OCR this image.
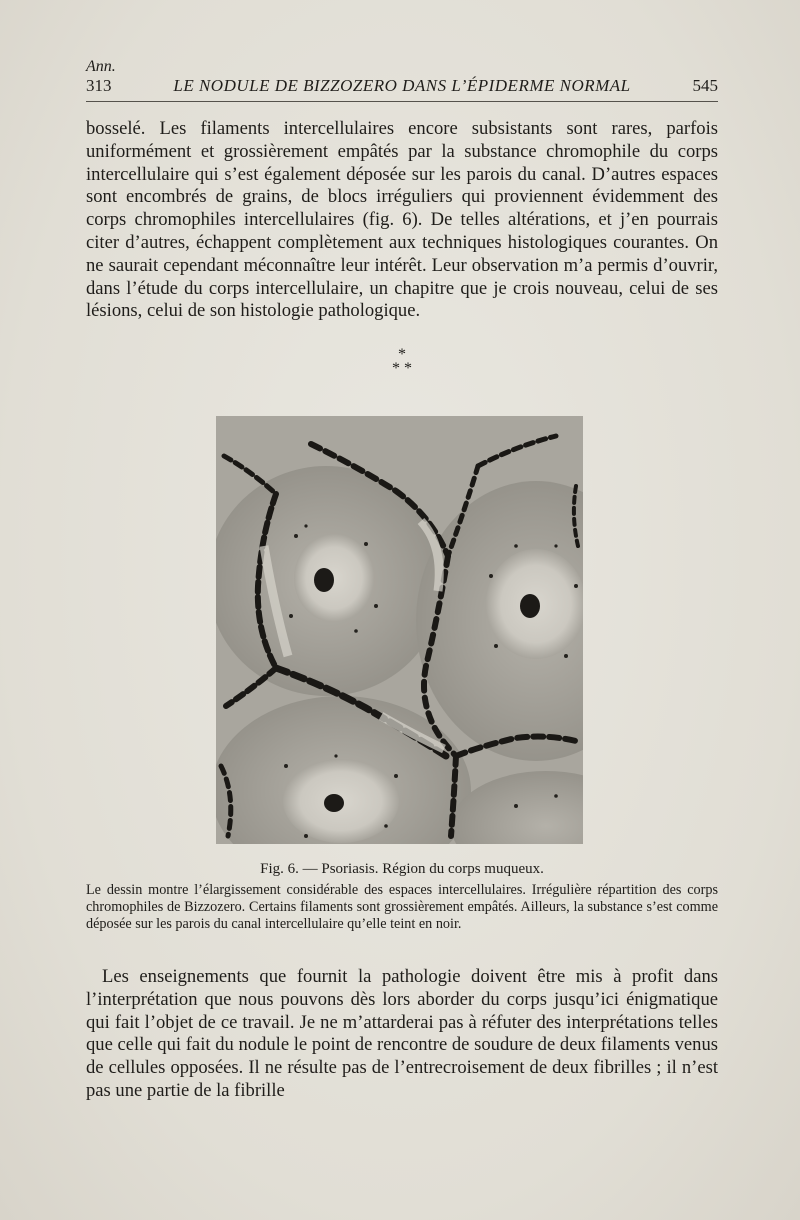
Ann.
313	LE NODULE DE BIZZOZERO DANS L’ÉPIDERME NORMAL	545

bosselé. Les filaments intercellulaires encore subsistants sont rares, parfois uniformément et grossièrement empâtés par la substance chromophile du corps intercellulaire qui s’est également déposée sur les parois du canal. D’autres espaces sont encombrés de grains, de blocs irréguliers qui proviennent évidemment des corps chromophiles intercellulaires (fig. 6). De telles altérations, et j’en pourrais citer d’autres, échappent complètement aux techniques histologiques courantes. On ne saurait cependant méconnaître leur intérêt. Leur observation m’a permis d’ouvrir, dans l’étude du corps intercellulaire, un chapitre que je crois nouveau, celui de ses lésions, celui de son histologie pathologique.

*
* *
Fig. 6. — Psoriasis. Région du corps muqueux.
Le dessin montre l’élargissement considérable des espaces intercellulaires. Irrégulière répartition des corps chromophiles de Bizzozero. Certains filaments sont grossièrement empâtés. Ailleurs, la substance s’est comme déposée sur les parois du canal intercellulaire qu’elle teint en noir.

Les enseignements que fournit la pathologie doivent être mis à profit dans l’interprétation que nous pouvons dès lors aborder du corps jusqu’ici énigmatique qui fait l’objet de ce travail. Je ne m’attarderai pas à réfuter des interprétations telles que celle qui fait du nodule le point de rencontre de soudure de deux filaments venus de cellules opposées. Il ne résulte pas de l’entrecroisement de deux fibrilles ; il n’est pas une partie de la fibrille
